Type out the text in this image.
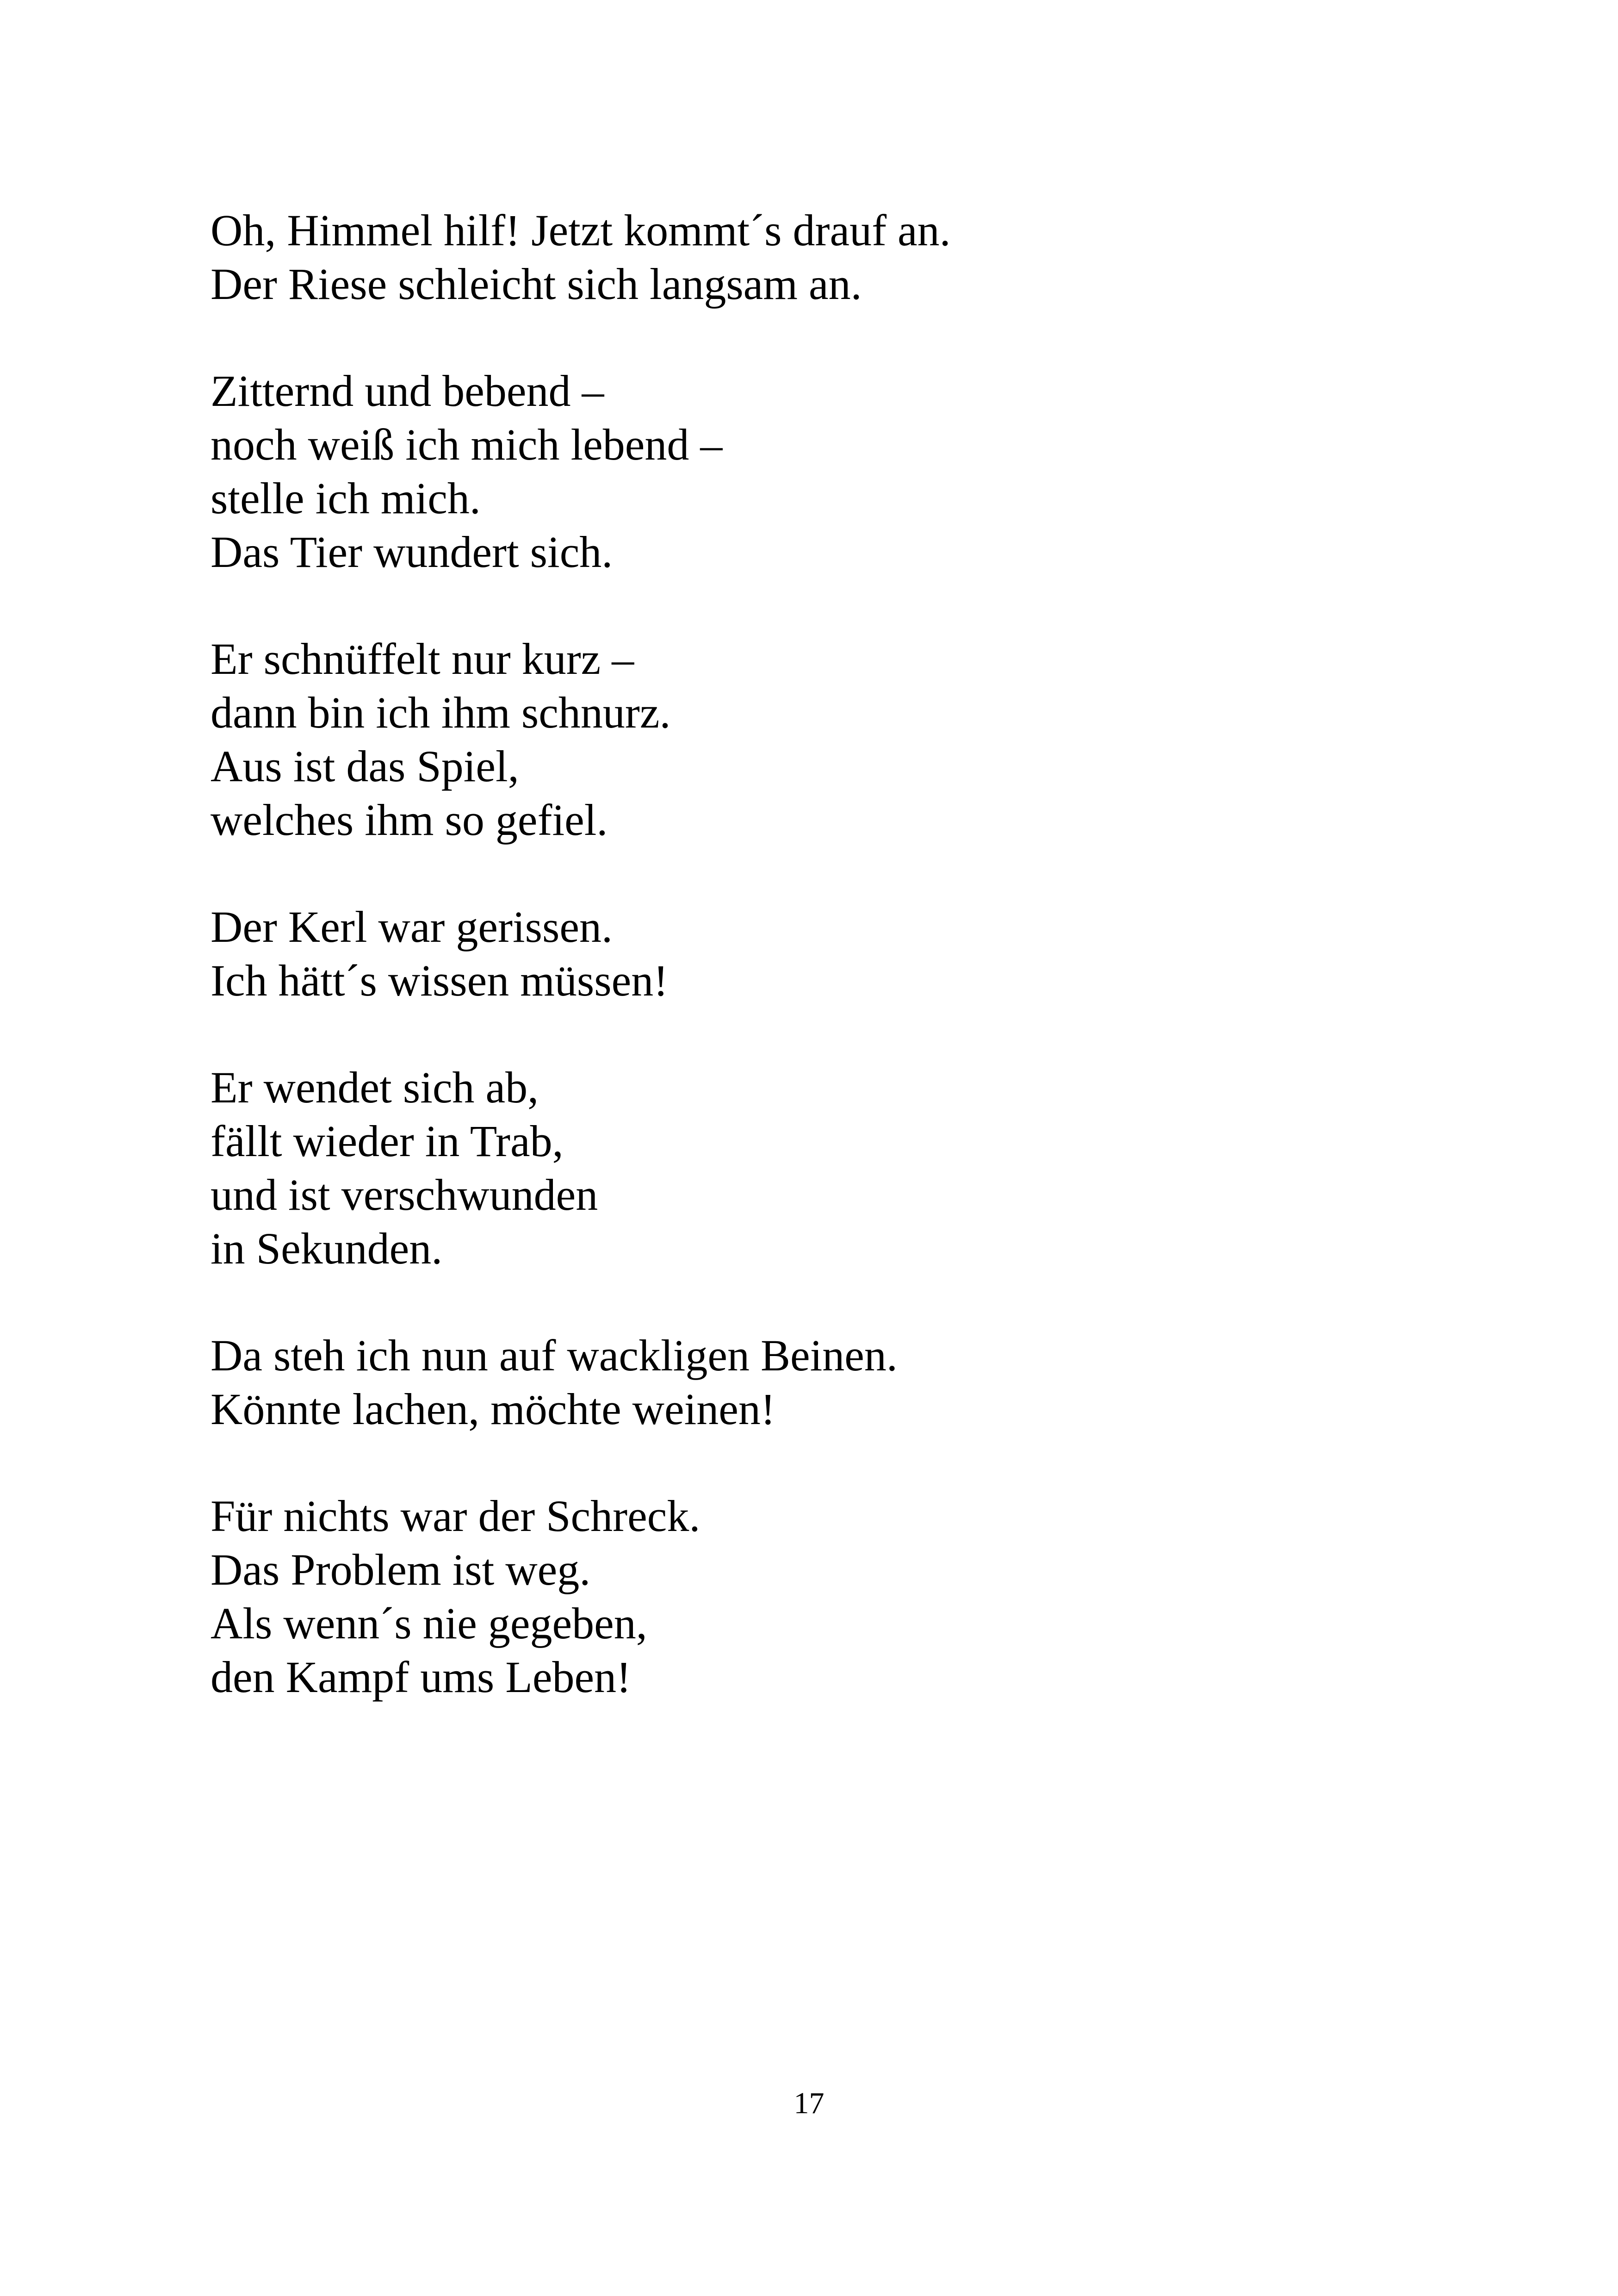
Oh, Himmel hilf! Jetzt kommt´s drauf an.
Der Riese schleicht sich langsam an.
Zitternd und bebend –
noch weiß ich mich lebend –
stelle ich mich.
Das Tier wundert sich.
Er schnüffelt nur kurz –
dann bin ich ihm schnurz.
Aus ist das Spiel,
welches ihm so gefiel.
Der Kerl war gerissen.
Ich hätt´s wissen müssen!
Er wendet sich ab,
fällt wieder in Trab,
und ist verschwunden
in Sekunden.
Da steh ich nun auf wackligen Beinen.
Könnte lachen, möchte weinen!
Für nichts war der Schreck.
Das Problem ist weg.
Als wenn´s nie gegeben,
den Kampf ums Leben!
17
